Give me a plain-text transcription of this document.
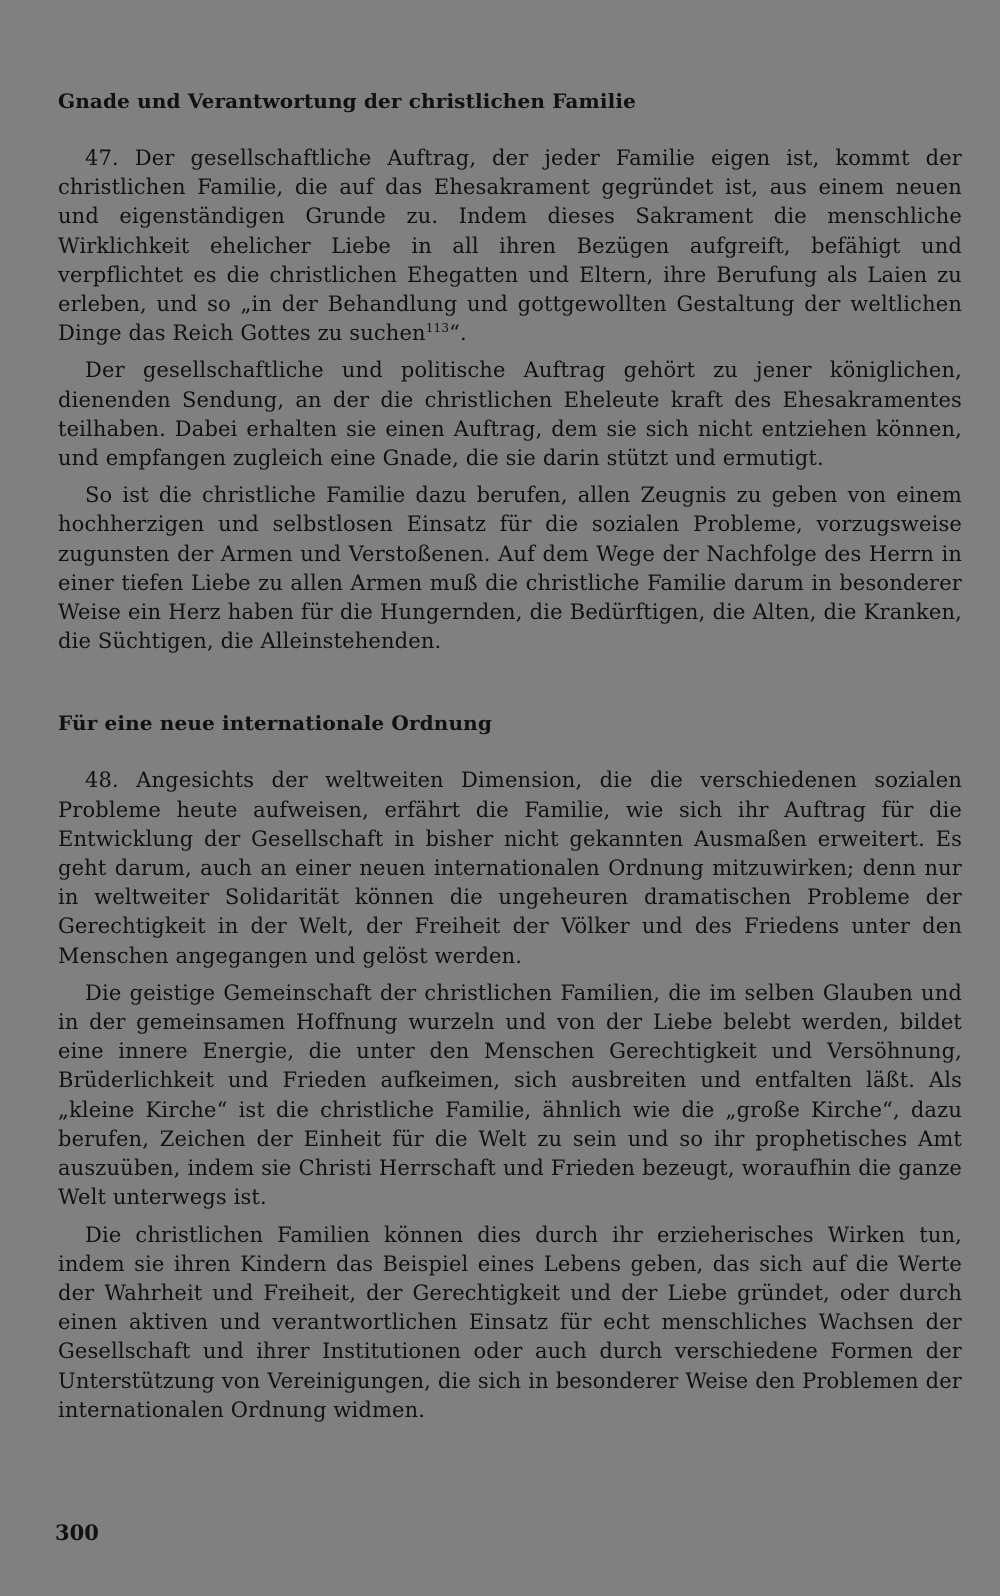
Gnade und Verantwortung der christlichen Familie

47. Der gesellschaftliche Auftrag, der jeder Familie eigen ist, kommt der christlichen Familie, die auf das Ehesakrament gegründet ist, aus einem neuen und eigenständigen Grunde zu. Indem dieses Sakrament die menschliche Wirklichkeit ehelicher Liebe in all ihren Bezügen aufgreift, befähigt und verpflichtet es die christlichen Ehegatten und Eltern, ihre Berufung als Laien zu erleben, und so „in der Behandlung und gottgewollten Gestaltung der weltlichen Dinge das Reich Gottes zu suchen$^{113}$“.

Der gesellschaftliche und politische Auftrag gehört zu jener königlichen, dienenden Sendung, an der die christlichen Eheleute kraft des Ehesakramentes teilhaben. Dabei erhalten sie einen Auftrag, dem sie sich nicht entziehen können, und empfangen zugleich eine Gnade, die sie darin stützt und ermutigt.

So ist die christliche Familie dazu berufen, allen Zeugnis zu geben von einem hochherzigen und selbstlosen Einsatz für die sozialen Probleme, vorzugsweise zugunsten der Armen und Verstoßenen. Auf dem Wege der Nachfolge des Herrn in einer tiefen Liebe zu allen Armen muß die christliche Familie darum in besonderer Weise ein Herz haben für die Hungernden, die Bedürftigen, die Alten, die Kranken, die Süchtigen, die Alleinstehenden.

Für eine neue internationale Ordnung

48. Angesichts der weltweiten Dimension, die die verschiedenen sozialen Probleme heute aufweisen, erfährt die Familie, wie sich ihr Auftrag für die Entwicklung der Gesellschaft in bisher nicht gekannten Ausmaßen erweitert. Es geht darum, auch an einer neuen internationalen Ordnung mitzuwirken; denn nur in weltweiter Solidarität können die ungeheuren dramatischen Probleme der Gerechtigkeit in der Welt, der Freiheit der Völker und des Friedens unter den Menschen angegangen und gelöst werden.

Die geistige Gemeinschaft der christlichen Familien, die im selben Glauben und in der gemeinsamen Hoffnung wurzeln und von der Liebe belebt werden, bildet eine innere Energie, die unter den Menschen Gerechtigkeit und Versöhnung, Brüderlichkeit und Frieden aufkeimen, sich ausbreiten und entfalten läßt. Als „kleine Kirche“ ist die christliche Familie, ähnlich wie die „große Kirche“, dazu berufen, Zeichen der Einheit für die Welt zu sein und so ihr prophetisches Amt auszuüben, indem sie Christi Herrschaft und Frieden bezeugt, woraufhin die ganze Welt unterwegs ist.

Die christlichen Familien können dies durch ihr erzieherisches Wirken tun, indem sie ihren Kindern das Beispiel eines Lebens geben, das sich auf die Werte der Wahrheit und Freiheit, der Gerechtigkeit und der Liebe gründet, oder durch einen aktiven und verantwortlichen Einsatz für echt menschliches Wachsen der Gesellschaft und ihrer Institutionen oder auch durch verschiedene Formen der Unterstützung von Vereinigungen, die sich in besonderer Weise den Problemen der internationalen Ordnung widmen.

300
